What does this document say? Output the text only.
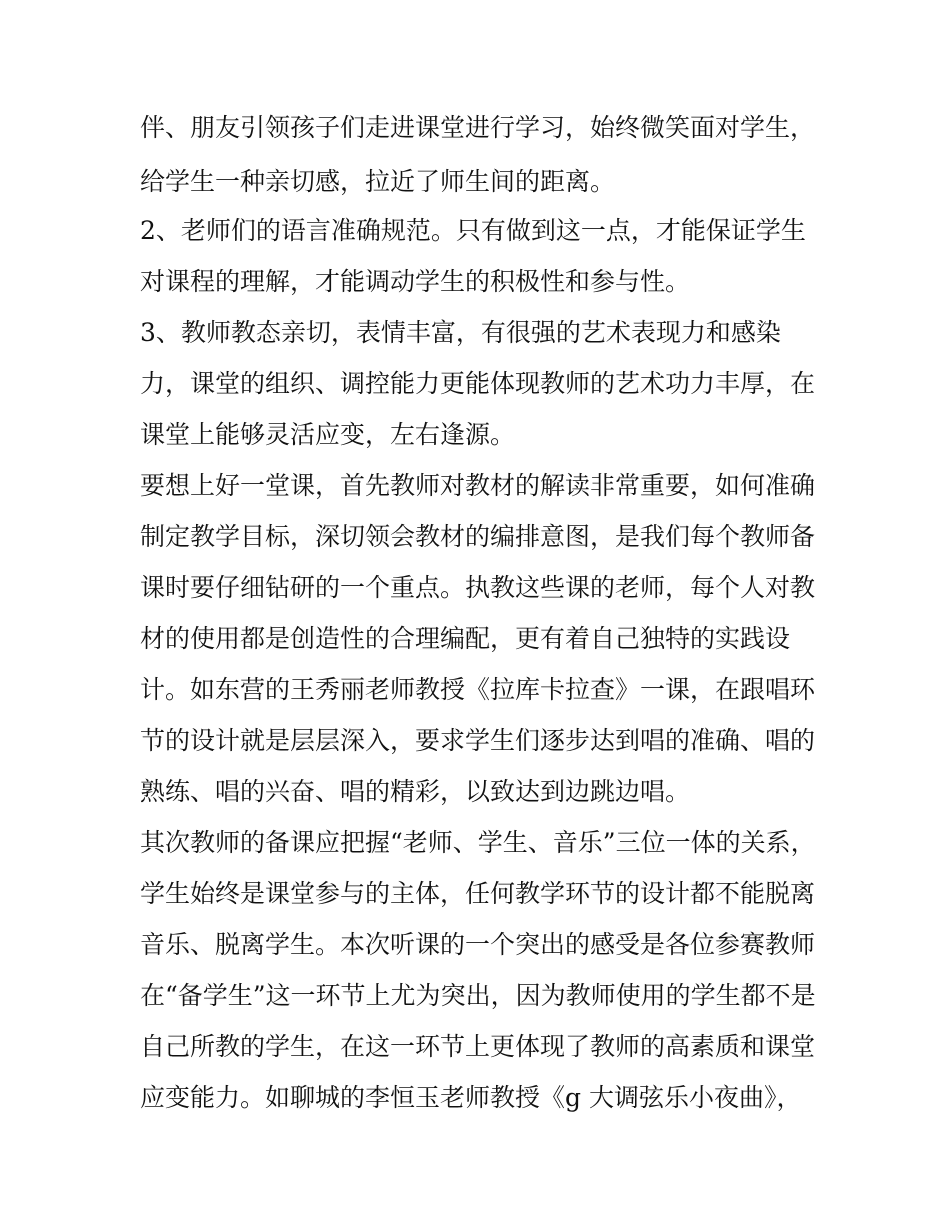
伴、朋友引领孩子们走进课堂进行学习，始终微笑面对学生，
给学生一种亲切感，拉近了师生间的距离。
2、老师们的语言准确规范。只有做到这一点，才能保证学生
对课程的理解，才能调动学生的积极性和参与性。
3、教师教态亲切，表情丰富，有很强的艺术表现力和感染
力，课堂的组织、调控能力更能体现教师的艺术功力丰厚，在
课堂上能够灵活应变，左右逢源。
要想上好一堂课，首先教师对教材的解读非常重要，如何准确
制定教学目标，深切领会教材的编排意图，是我们每个教师备
课时要仔细钻研的一个重点。执教这些课的老师，每个人对教
材的使用都是创造性的合理编配，更有着自己独特的实践设
计。如东营的王秀丽老师教授《拉库卡拉查》一课，在跟唱环
节的设计就是层层深入，要求学生们逐步达到唱的准确、唱的
熟练、唱的兴奋、唱的精彩，以致达到边跳边唱。
其次教师的备课应把握“老师、学生、音乐”三位一体的关系，
学生始终是课堂参与的主体，任何教学环节的设计都不能脱离
音乐、脱离学生。本次听课的一个突出的感受是各位参赛教师
在“备学生”这一环节上尤为突出，因为教师使用的学生都不是
自己所教的学生，在这一环节上更体现了教师的高素质和课堂
应变能力。如聊城的李恒玉老师教授《g 大调弦乐小夜曲》，
